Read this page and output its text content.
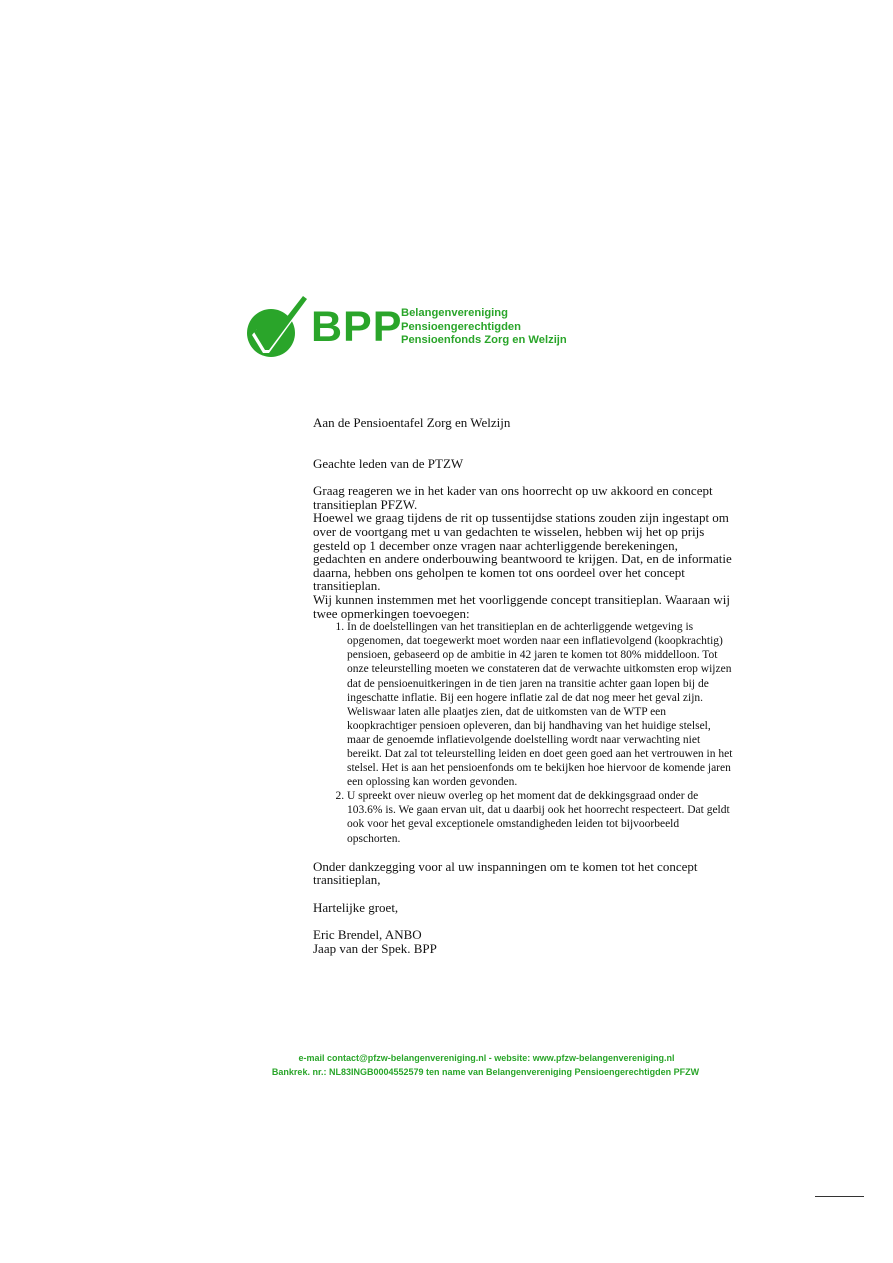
BPP
Belangenvereniging
Pensioengerechtigden
Pensioenfonds Zorg en Welzijn

Aan de Pensioentafel Zorg en Welzijn

Geachte leden van de PTZW

Graag reageren we in het kader van ons hoorrecht op uw akkoord en concept transitieplan PFZW.

Hoewel we graag tijdens de rit op tussentijdse stations zouden zijn ingestapt om over de voortgang met u van gedachten te wisselen, hebben wij het op prijs gesteld op 1 december onze vragen naar achterliggende berekeningen, gedachten en andere onderbouwing beantwoord te krijgen. Dat, en de informatie daarna, hebben ons geholpen te komen tot ons oordeel over het concept transitieplan.

Wij kunnen instemmen met het voorliggende concept transitieplan. Waaraan wij twee opmerkingen toevoegen:

1. In de doelstellingen van het transitieplan en de achterliggende wetgeving is opgenomen, dat toegewerkt moet worden naar een inflatievolgend (koopkrachtig) pensioen, gebaseerd op de ambitie in 42 jaren te komen tot 80% middelloon. Tot onze teleurstelling moeten we constateren dat de verwachte uitkomsten erop wijzen dat de pensioenuitkeringen in de tien jaren na transitie achter gaan lopen bij de ingeschatte inflatie. Bij een hogere inflatie zal de dat nog meer het geval zijn. Weliswaar laten alle plaatjes zien, dat de uitkomsten van de WTP een koopkrachtiger pensioen opleveren, dan bij handhaving van het huidige stelsel, maar de genoemde inflatievolgende doelstelling wordt naar verwachting niet bereikt. Dat zal tot teleurstelling leiden en doet geen goed aan het vertrouwen in het stelsel. Het is aan het pensioenfonds om te bekijken hoe hiervoor de komende jaren een oplossing kan worden gevonden.
2. U spreekt over nieuw overleg op het moment dat de dekkingsgraad onder de 103.6% is. We gaan ervan uit, dat u daarbij ook het hoorrecht respecteert. Dat geldt ook voor het geval exceptionele omstandigheden leiden tot bijvoorbeeld opschorten.

Onder dankzegging voor al uw inspanningen om te komen tot het concept transitieplan,

Hartelijke groet,

Eric Brendel, ANBO

Jaap van der Spek. BPP

e-mail contact@pfzw-belangenvereniging.nl - website: www.pfzw-belangenvereniging.nl
Bankrek. nr.: NL83INGB0004552579 ten name van Belangenvereniging Pensioengerechtigden PFZW
